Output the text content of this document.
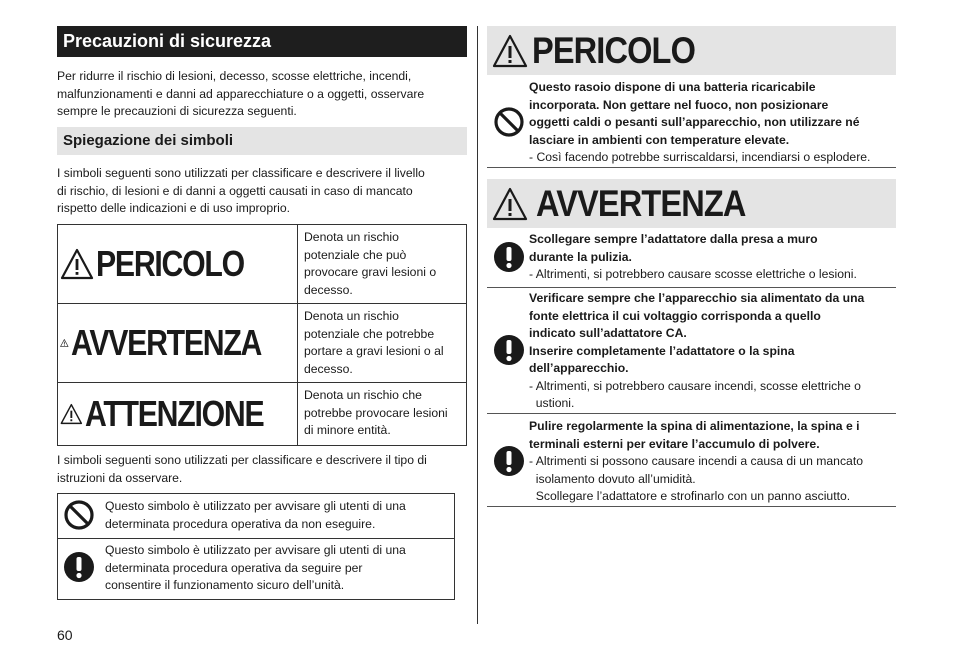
Precauzioni di sicurezza

Per ridurre il rischio di lesioni, decesso, scosse elettriche, incendi,

malfunzionamenti e danni ad apparecchiature o a oggetti, osservare

sempre le precauzioni di sicurezza seguenti.

Spiegazione dei simboli

I simboli seguenti sono utilizzati per classificare e descrivere il livello

di rischio, di lesioni e di danni a oggetti causati in caso di mancato

rispetto delle indicazioni e di uso improprio.

PERICOLO
Denota un rischio
potenziale che può
provocare gravi lesioni o
decesso.
AVVERTENZA
Denota un rischio
potenziale che potrebbe
portare a gravi lesioni o al
decesso.
ATTENZIONE	Denota un rischio che
potrebbe provocare lesioni
di minore entità.

I simboli seguenti sono utilizzati per classificare e descrivere il tipo di

istruzioni da osservare.

Questo simbolo è utilizzato per avvisare gli utenti di una
determinata procedura operativa da non eseguire.
Questo simbolo è utilizzato per avvisare gli utenti di una
determinata procedura operativa da seguire per
consentire il funzionamento sicuro dell’unità.
60
PERICOLO

Questo rasoio dispone di una batteria ricaricabile

incorporata. Non gettare nel fuoco, non posizionare

oggetti caldi o pesanti sull’apparecchio, non utilizzare né

lasciare in ambienti con temperature elevate.

- Così facendo potrebbe surriscaldarsi, incendiarsi o esplodere.

AVVERTENZA

Scollegare sempre l’adattatore dalla presa a muro

durante la pulizia.

- Altrimenti, si potrebbero causare scosse elettriche o lesioni.

Verificare sempre che l’apparecchio sia alimentato da una

fonte elettrica il cui voltaggio corrisponda a quello

indicato sull’adattatore CA.

Inserire completamente l’adattatore o la spina

dell’apparecchio.

- Altrimenti, si potrebbero causare incendi, scosse elettriche o

ustioni.

Pulire regolarmente la spina di alimentazione, la spina e i

terminali esterni per evitare l’accumulo di polvere.

- Altrimenti si possono causare incendi a causa di un mancato

isolamento dovuto all’umidità.

Scollegare l’adattatore e strofinarlo con un panno asciutto.
